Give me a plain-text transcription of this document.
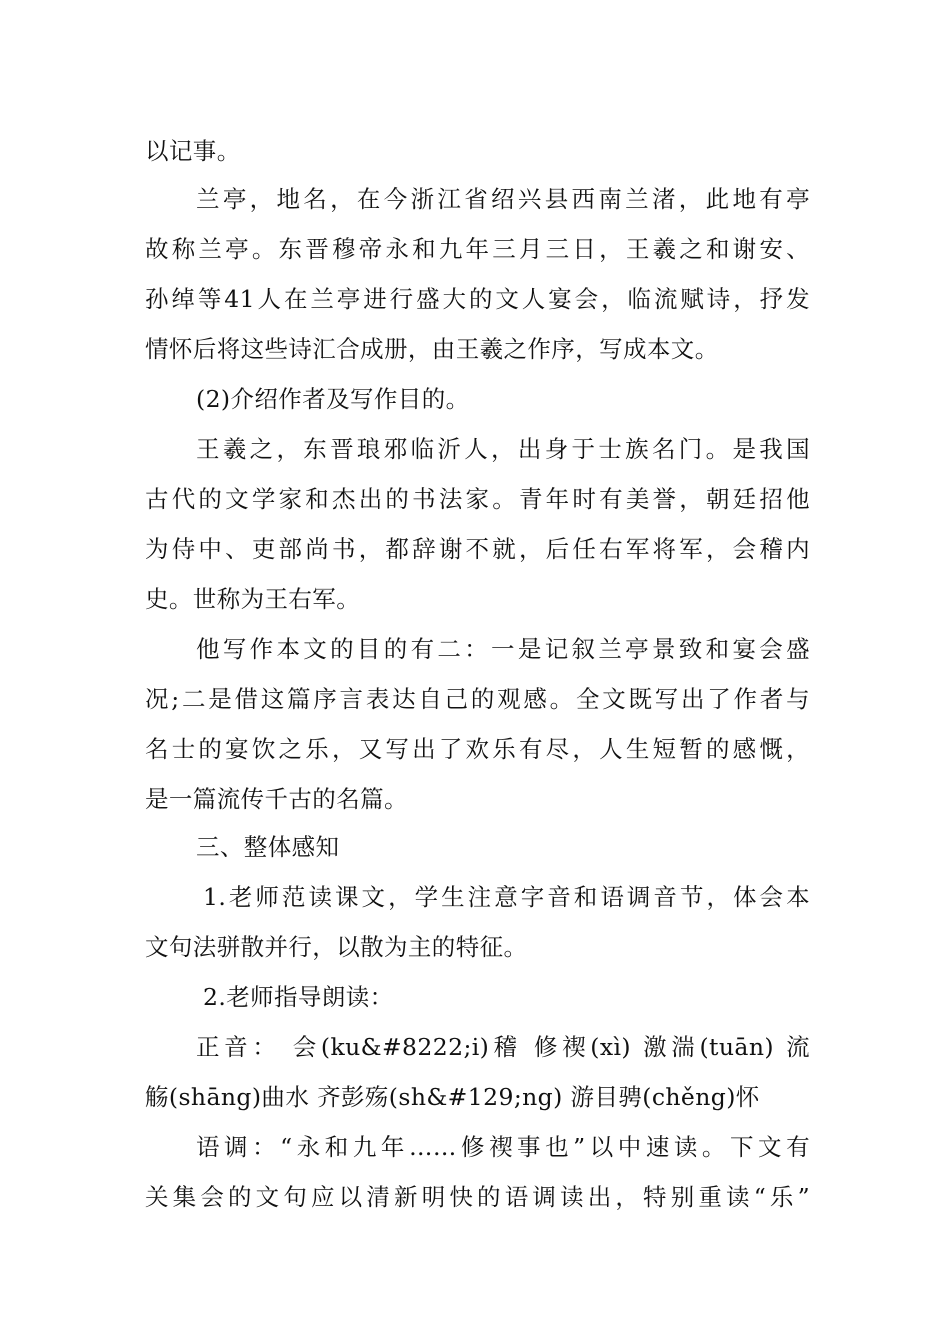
以记事。
兰亭，地名，在今浙江省绍兴县西南兰渚，此地有亭
故称兰亭。东晋穆帝永和九年三月三日，王羲之和谢安、
孙绰等41人在兰亭进行盛大的文人宴会，临流赋诗，抒发
情怀后将这些诗汇合成册，由王羲之作序，写成本文。
(2)介绍作者及写作目的。
王羲之，东晋琅邪临沂人，出身于士族名门。是我国
古代的文学家和杰出的书法家。青年时有美誉，朝廷招他
为侍中、吏部尚书，都辞谢不就，后任右军将军，会稽内
史。世称为王右军。
他写作本文的目的有二：一是记叙兰亭景致和宴会盛
况;二是借这篇序言表达自己的观感。全文既写出了作者与
名士的宴饮之乐，又写出了欢乐有尽，人生短暂的感慨，
是一篇流传千古的名篇。
三、整体感知
1.老师范读课文，学生注意字音和语调音节，体会本
文句法骈散并行，以散为主的特征。
2.老师指导朗读：
正音： 会(ku&#8222;i)稽 修禊(xì) 激湍(tuān) 流
觞(shāng)曲水 齐彭殇(sh&#129;ng) 游目骋(chěng)怀
语调：“永和九年……修禊事也”以中速读。下文有
关集会的文句应以清新明快的语调读出，特别重读“乐”
